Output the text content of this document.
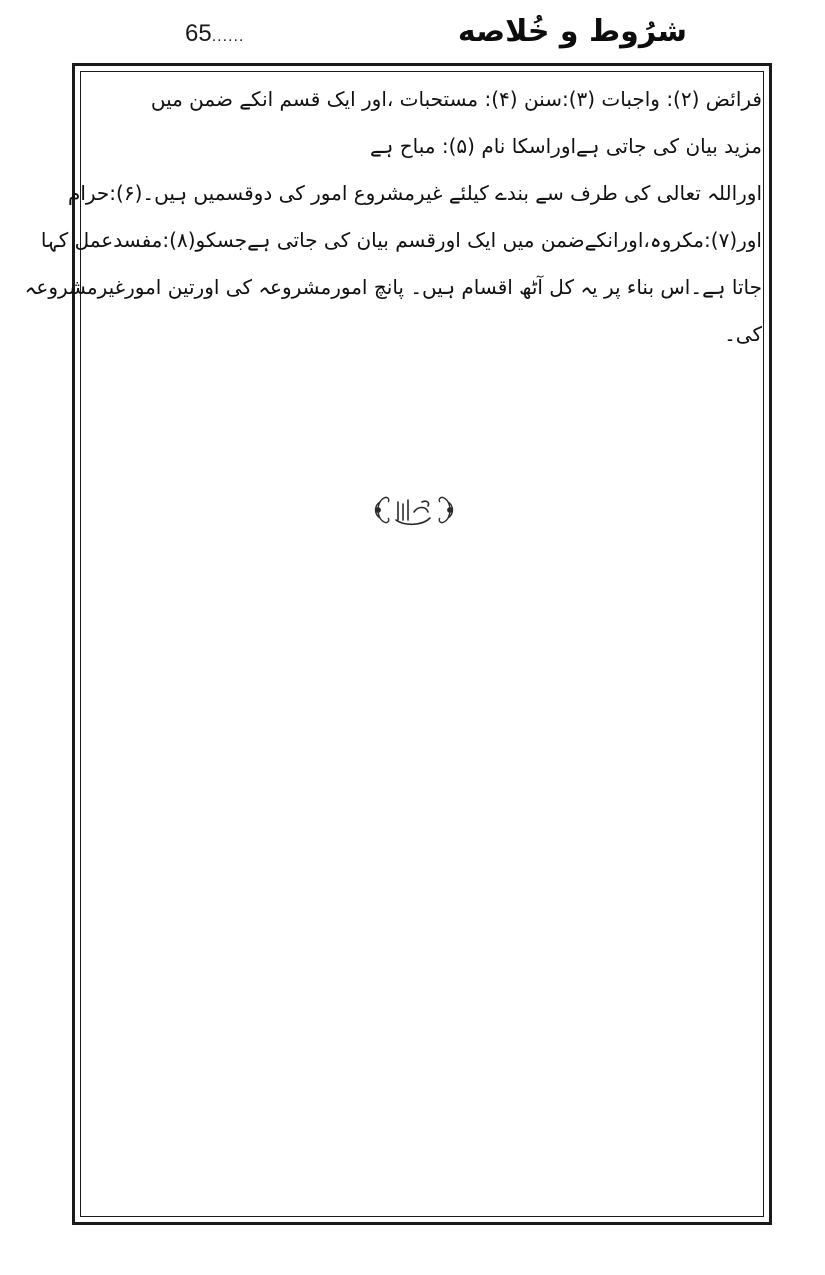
65......	شرُوط و خُلاصه

فرائض (۲): واجبات (۳):سنن (۴): مستحبات ،اور ایک قسم انکے ضمن میں
مزید بیان کی جاتی ہےاوراسکا نام (۵): مباح ہے
اوراللہ تعالی کی طرف سے بندے کیلئے غیرمشروع امور کی دوقسمیں ہیں۔(۶):حرام
اور(۷):مکروہ،اورانکےضمن میں ایک اورقسم بیان کی جاتی ہےجسکو(۸):مفسدعمل کہا
جاتا ہے۔اس بناء پر یہ کل آٹھ اقسام ہیں۔ پانچ امورمشروعہ کی اورتین امورغیرمشروعہ
کی۔
